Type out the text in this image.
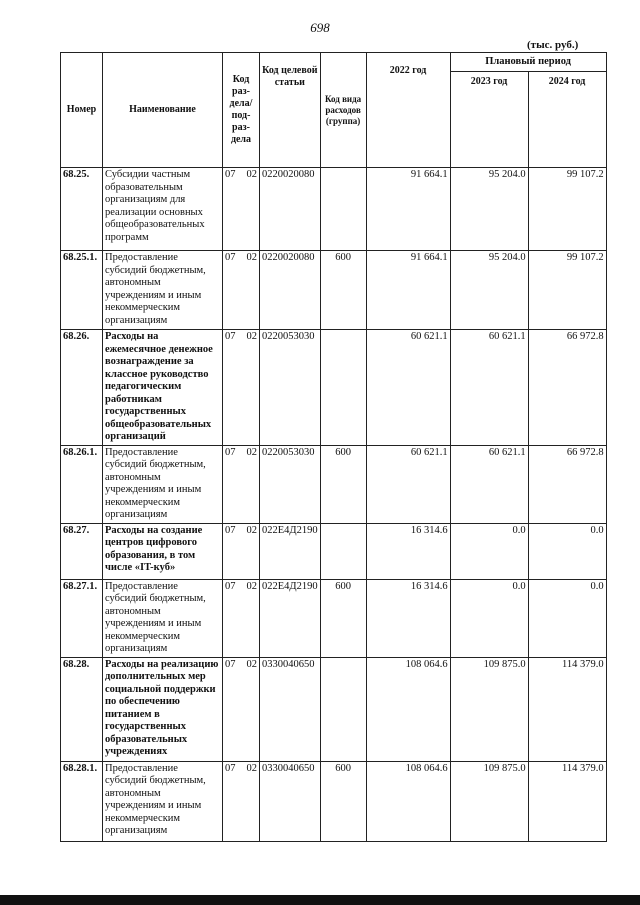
698
(тыс. руб.)
Номер	Наименование	Код раз-дела/ под-раз-дела	Код целевой статьи	Код вида расходов (группа)	2022 год	Плановый период	
						2023 год	2024 год
68.25.	Субсидии частным образовательным организациям для реализации основных общеобразовательных программ	07 02	0220020080		91 664.1	95 204.0	99 107.2
68.25.1.	Предоставление субсидий бюджетным, автономным учреждениям и иным некоммерческим организациям	07 02	0220020080	600	91 664.1	95 204.0	99 107.2
68.26.	Расходы на ежемесячное денежное вознаграждение за классное руководство педагогическим работникам государственных общеобразовательных организаций	07 02	0220053030		60 621.1	60 621.1	66 972.8
68.26.1.	Предоставление субсидий бюджетным, автономным учреждениям и иным некоммерческим организациям	07 02	0220053030	600	60 621.1	60 621.1	66 972.8
68.27.	Расходы на создание центров цифрового образования, в том числе «IT-куб»	07 02	022Е4Д2190		16 314.6	0.0	0.0
68.27.1.	Предоставление субсидий бюджетным, автономным учреждениям и иным некоммерческим организациям	07 02	022Е4Д2190	600	16 314.6	0.0	0.0
68.28.	Расходы на реализацию дополнительных мер социальной поддержки по обеспечению питанием в государственных образовательных учреждениях	07 02	0330040650		108 064.6	109 875.0	114 379.0
68.28.1.	Предоставление субсидий бюджетным, автономным учреждениям и иным некоммерческим организациям	07 02	0330040650	600	108 064.6	109 875.0	114 379.0
